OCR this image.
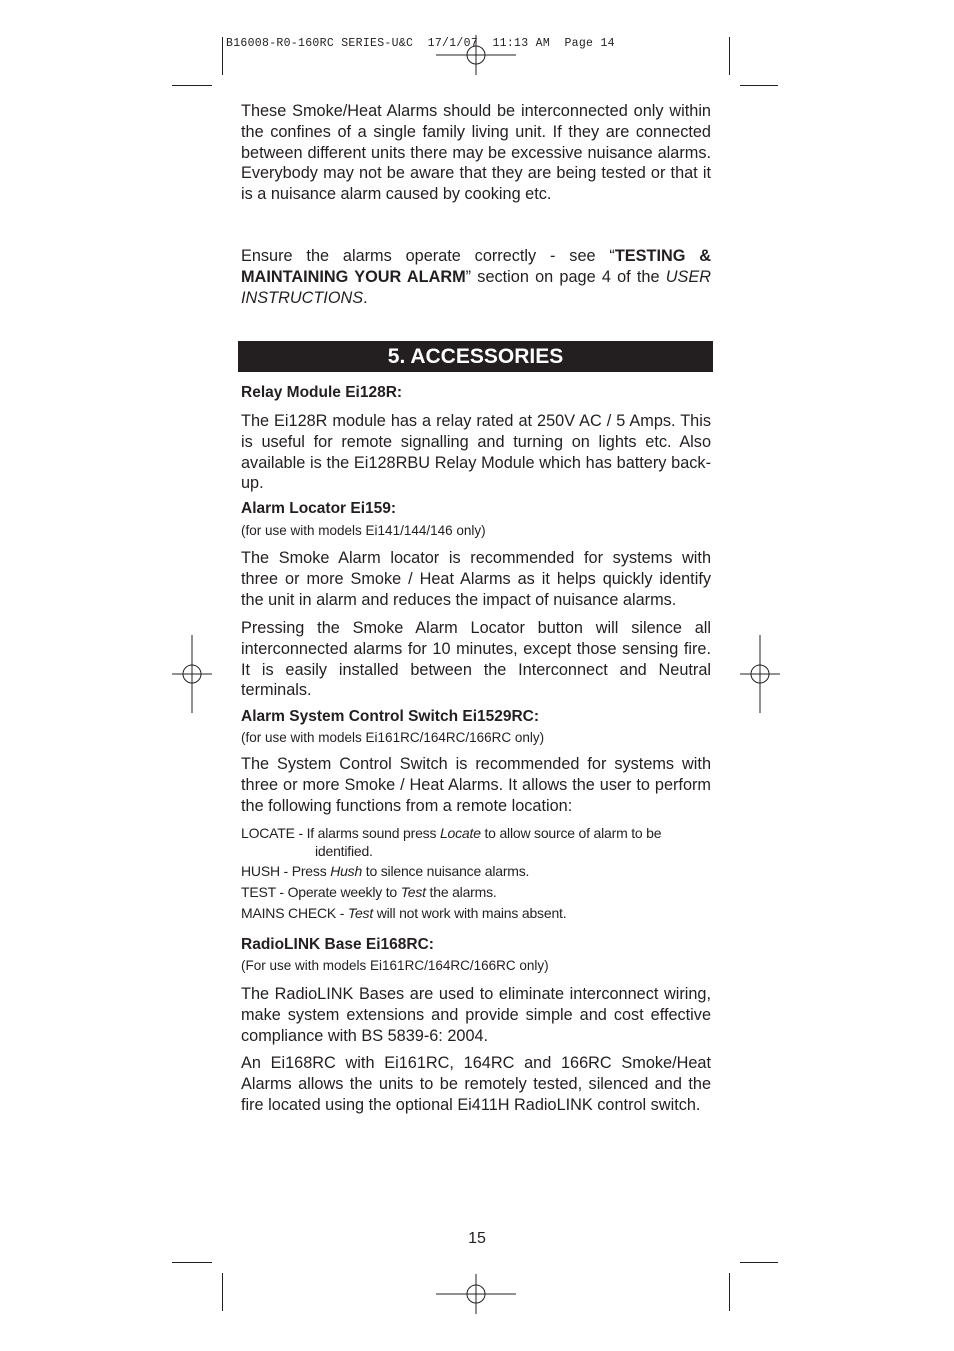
B16008-R0-160RC SERIES-U&C  17/1/07  11:13 AM  Page 14

These Smoke/Heat Alarms should be interconnected only within the confines of a single family living unit. If they are connected between different units there may be excessive nuisance alarms. Everybody may not be aware that they are being tested or that it is a nuisance alarm caused by cooking etc.

Ensure the alarms operate correctly - see “TESTING & MAINTAINING YOUR ALARM” section on page 4 of the USER INSTRUCTIONS.

5. ACCESSORIES

Relay Module Ei128R:

The Ei128R module has a relay rated at 250V AC / 5 Amps. This is useful for remote signalling and turning on lights etc. Also available is the Ei128RBU Relay Module which has battery back-up.

Alarm Locator Ei159:

(for use with models Ei141/144/146 only)

The Smoke Alarm locator is recommended for systems with three or more Smoke / Heat Alarms as it helps quickly identify the unit in alarm and reduces the impact of nuisance alarms.

Pressing the Smoke Alarm Locator button will silence all interconnected alarms for 10 minutes, except those sensing fire. It is easily installed between the Interconnect and Neutral terminals.

Alarm System Control Switch Ei1529RC:

(for use with models Ei161RC/164RC/166RC only)

The System Control Switch is recommended for systems with three or more Smoke / Heat Alarms. It allows the user to perform the following functions from a remote location:

LOCATE - If alarms sound press Locate to allow source of alarm to be
identified.

HUSH - Press Hush to silence nuisance alarms.

TEST - Operate weekly to Test the alarms.

MAINS CHECK - Test will not work with mains absent.

RadioLINK Base Ei168RC:

(For use with models Ei161RC/164RC/166RC only)

The RadioLINK Bases are used to eliminate interconnect wiring, make system extensions and provide simple and cost effective compliance with BS 5839-6: 2004.

An Ei168RC with Ei161RC, 164RC and 166RC Smoke/Heat Alarms allows the units to be remotely tested, silenced and the fire located using the optional Ei411H RadioLINK control switch.

15
